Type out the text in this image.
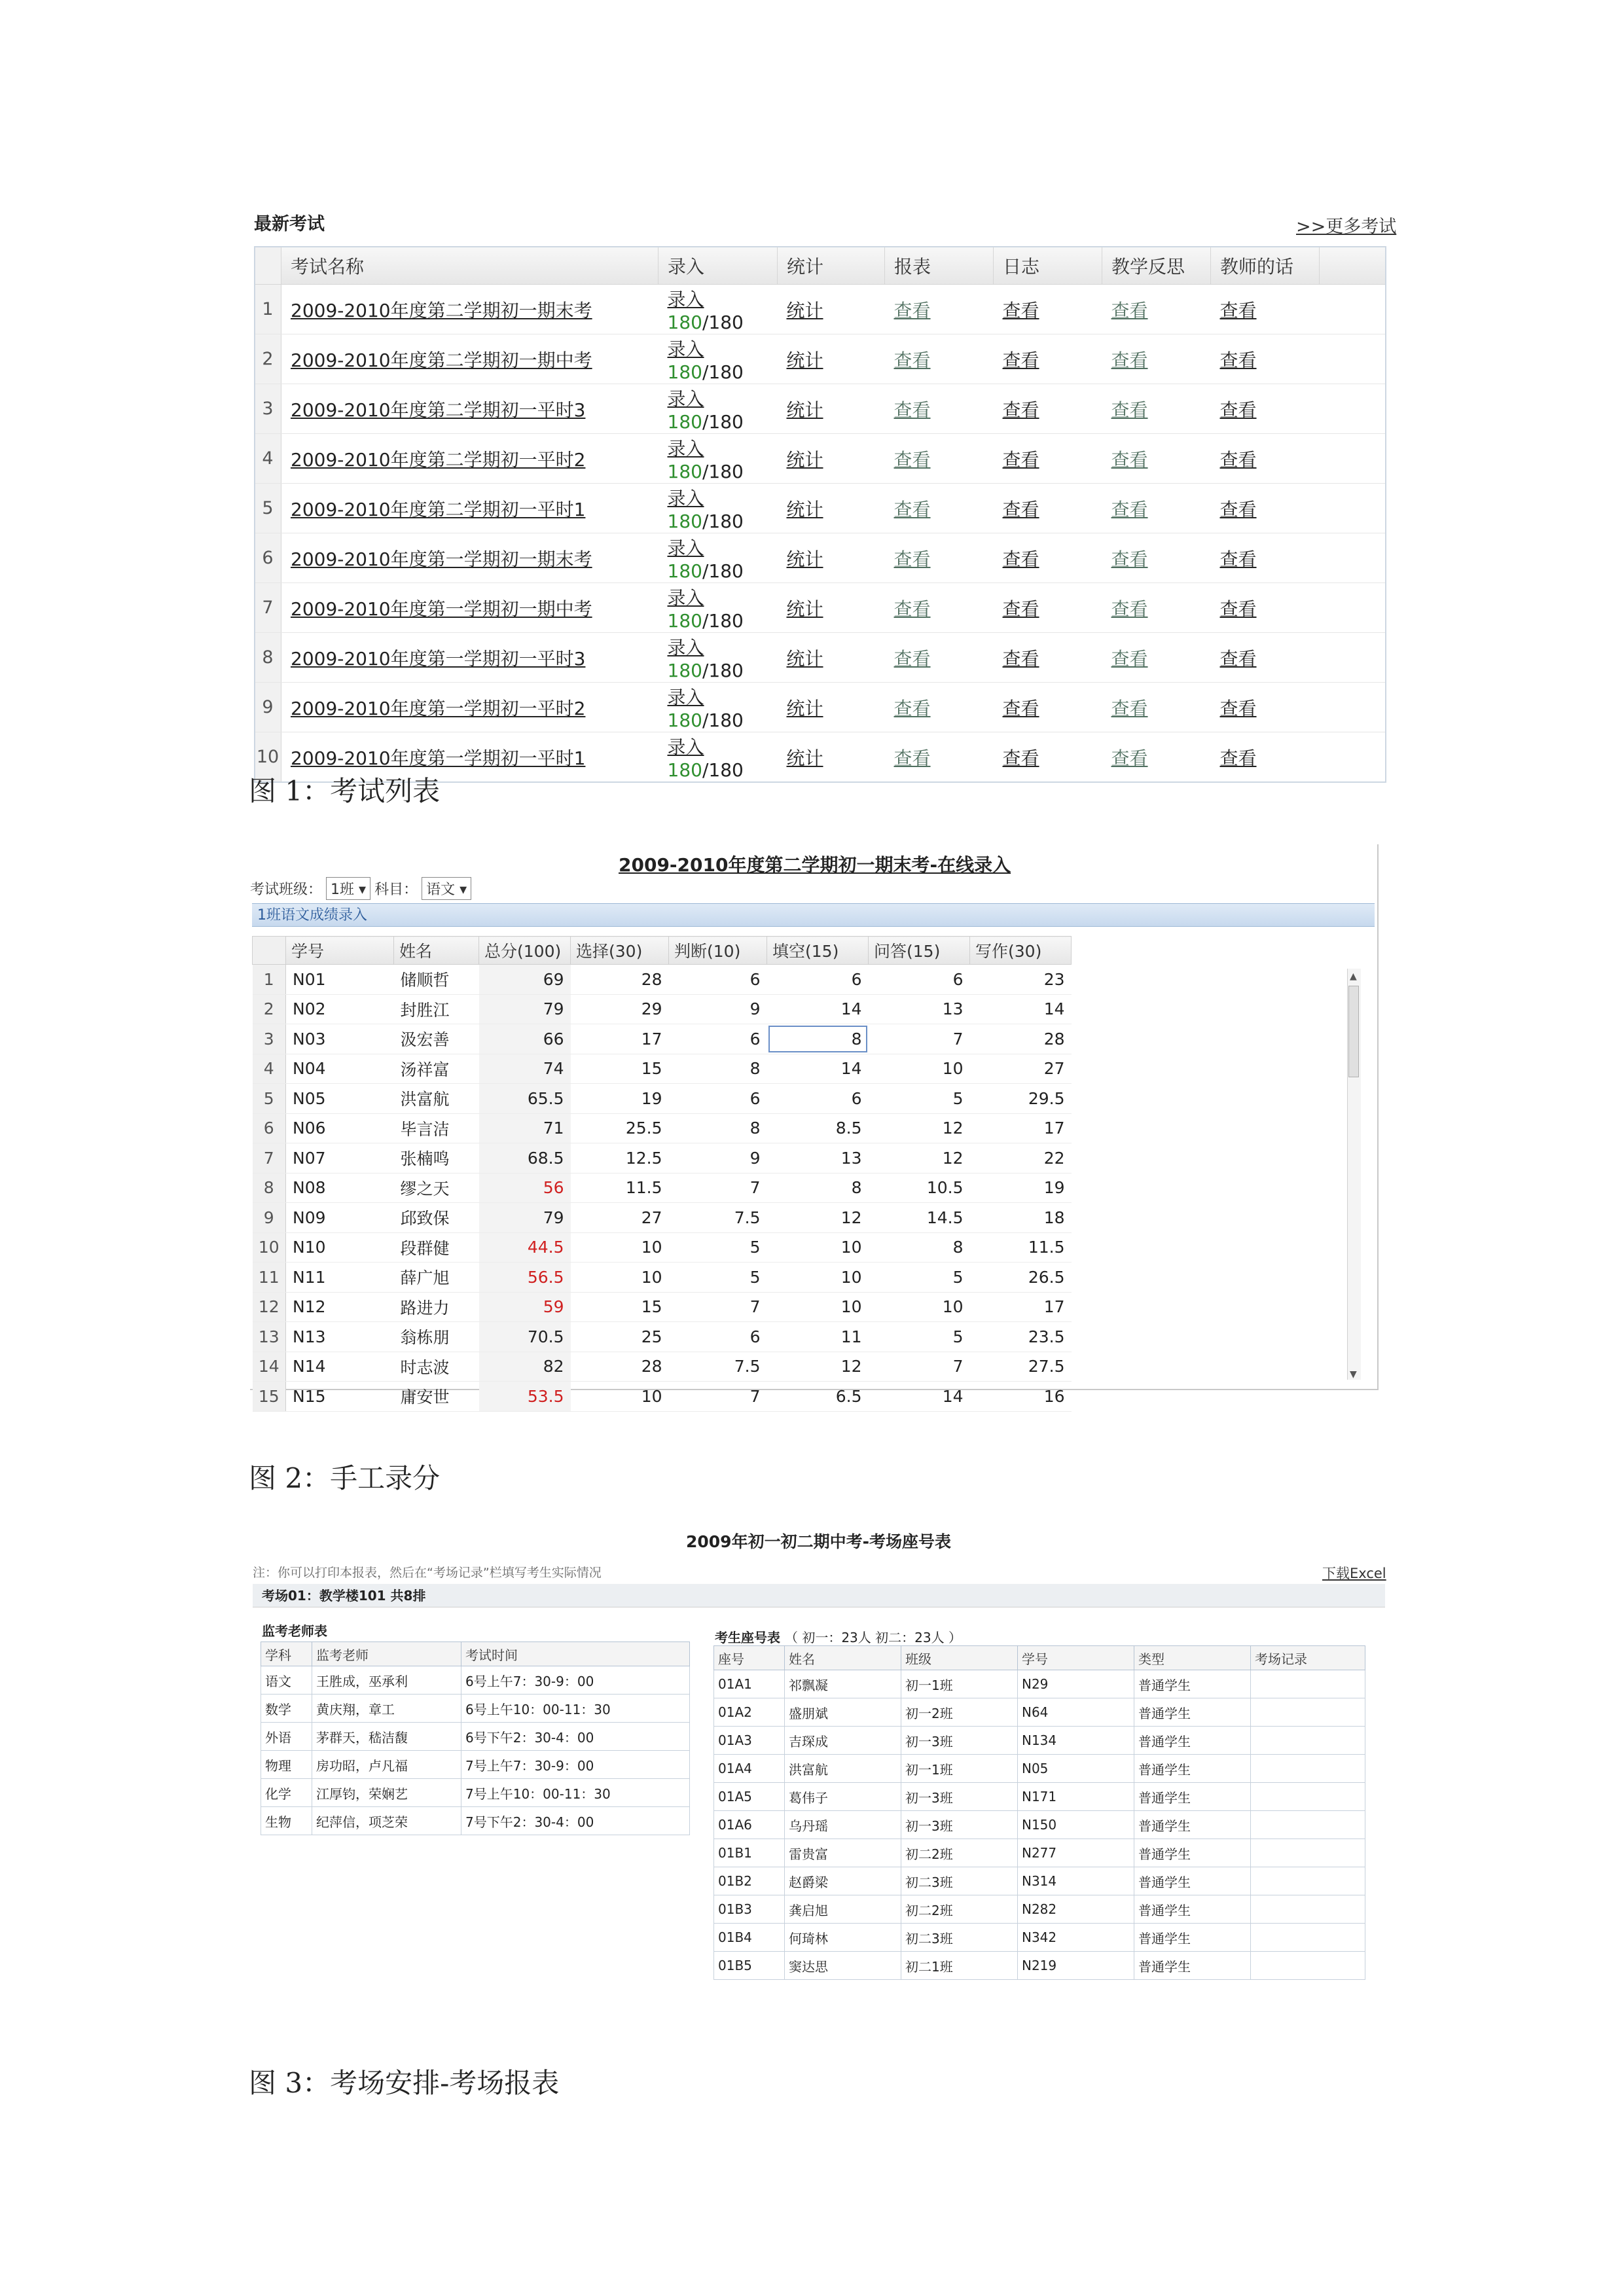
最新考试	>>更多考试
	考试名称	录入	统计	报表	日志	教学反思	教师的话	
1	2009-2010年度第二学期初一期末考	录入 180/180	统计	查看	查看	查看	查看	
2	2009-2010年度第二学期初一期中考	录入 180/180	统计	查看	查看	查看	查看	
3	2009-2010年度第二学期初一平时3	录入 180/180	统计	查看	查看	查看	查看	
4	2009-2010年度第二学期初一平时2	录入 180/180	统计	查看	查看	查看	查看	
5	2009-2010年度第二学期初一平时1	录入 180/180	统计	查看	查看	查看	查看	
6	2009-2010年度第一学期初一期末考	录入 180/180	统计	查看	查看	查看	查看	
7	2009-2010年度第一学期初一期中考	录入 180/180	统计	查看	查看	查看	查看	
8	2009-2010年度第一学期初一平时3	录入 180/180	统计	查看	查看	查看	查看	
9	2009-2010年度第一学期初一平时2	录入 180/180	统计	查看	查看	查看	查看	
10	2009-2010年度第一学期初一平时1	录入 180/180	统计	查看	查看	查看	查看	
图 1：考试列表
2009-2010年度第二学期初一期末考-在线录入
考试班级： 1班 ▾ 科目： 语文 ▾
1班语文成绩录入
	学号	姓名	总分(100)	选择(30)	判断(10)	填空(15)	问答(15)	写作(30)
1	N01	储顺哲	69	28	6	6	6	23
2	N02	封胜江	79	29	9	14	13	14
3	N03	汲宏善	66	17	6	8	7	28
4	N04	汤祥富	74	15	8	14	10	27
5	N05	洪富航	65.5	19	6	6	5	29.5
6	N06	毕言洁	71	25.5	8	8.5	12	17
7	N07	张楠鸣	68.5	12.5	9	13	12	22
8	N08	缪之天	56	11.5	7	8	10.5	19
9	N09	邱致保	79	27	7.5	12	14.5	18
10	N10	段群健	44.5	10	5	10	8	11.5
11	N11	薛广旭	56.5	10	5	10	5	26.5
12	N12	路进力	59	15	7	10	10	17
13	N13	翁栋朋	70.5	25	6	11	5	23.5
14	N14	时志波	82	28	7.5	12	7	27.5
15	N15	庸安世	53.5	10	7	6.5	14	16
▲
▼
图 2：手工录分
2009年初一初二期中考-考场座号表
注：你可以打印本报表，然后在“考场记录”栏填写考生实际情况	下载Excel
考场01：教学楼101 共8排
监考老师表
学科	监考老师	考试时间
语文	王胜成，巫承利	6号上午7：30-9：00
数学	黄庆翔，章工	6号上午10：00-11：30
外语	茅群天，嵇洁馥	6号下午2：30-4：00
物理	房功昭，卢凡福	7号上午7：30-9：00
化学	江厚钧，荣娴艺	7号上午10：00-11：30
生物	纪萍信，项芝荣	7号下午2：30-4：00
考生座号表 （ 初一：23人 初二：23人 ）
座号	姓名	班级	学号	类型	考场记录
01A1	祁飘凝	初一1班	N29	普通学生	
01A2	盛朋斌	初一2班	N64	普通学生	
01A3	吉琛成	初一3班	N134	普通学生	
01A4	洪富航	初一1班	N05	普通学生	
01A5	葛伟子	初一3班	N171	普通学生	
01A6	乌丹瑶	初一3班	N150	普通学生	
01B1	雷贵富	初二2班	N277	普通学生	
01B2	赵爵梁	初二3班	N314	普通学生	
01B3	龚启旭	初二2班	N282	普通学生	
01B4	何琦林	初二3班	N342	普通学生	
01B5	窦达思	初二1班	N219	普通学生	
图 3：考场安排-考场报表
